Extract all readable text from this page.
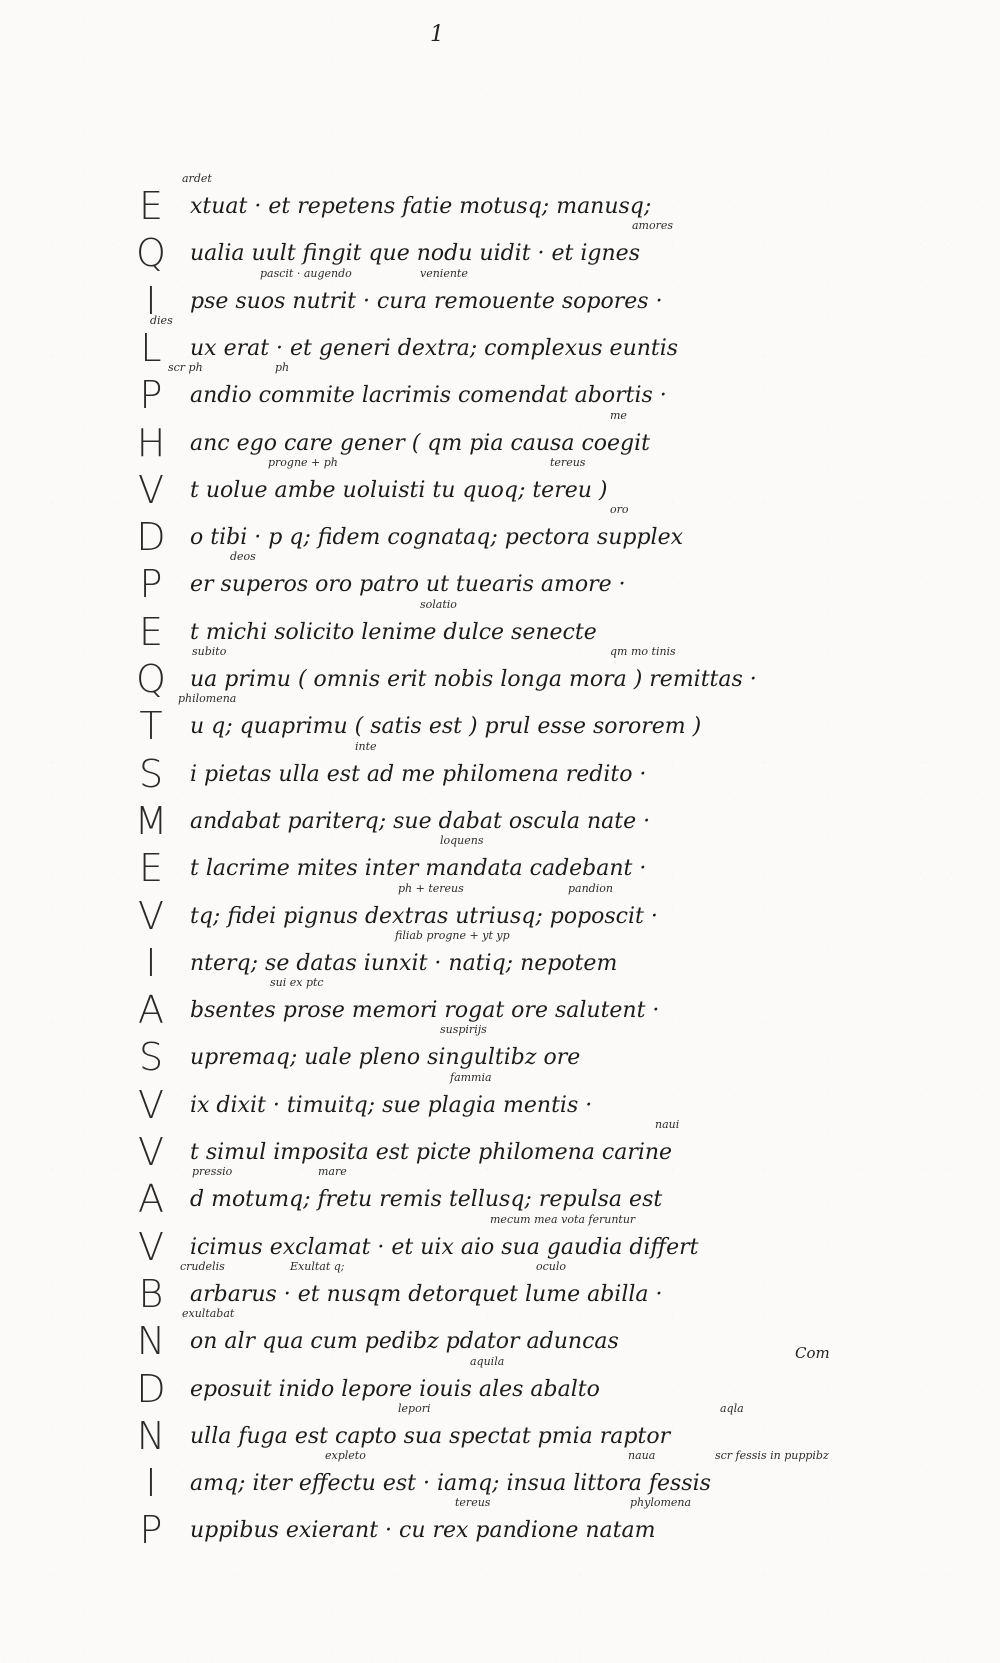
1
E	xtuat · et repetens fatie motusq; manusq;
ardet
Q	ualia uult fingit que nodu uidit · et ignes
amores
I	pse suos nutrit · cura remouente sopores ·
pascit · augendo	veniente
L	ux erat · et generi dextra; complexus euntis
dies
P	andio commite lacrimis comendat abortis ·
scr ph	ph
H	anc ego care gener ( qm pia causa coegit
me
V	t uolue ambe uoluisti tu quoq; tereu )
progne + ph	tereus
D	o tibi · p q; fidem cognataq; pectora supplex
oro
P	er superos oro patro ut tuearis amore ·
deos
E	t michi solicito lenime dulce senecte
solatio
Q	ua primu ( omnis erit nobis longa mora ) remittas ·
subito	qm mo tinis
T	u q; quaprimu ( satis est ) prul esse sororem )
philomena
S	i pietas ulla est ad me philomena redito ·
inte
M	andabat pariterq; sue dabat oscula nate ·
E	t lacrime mites inter mandata cadebant ·
loquens
V	tq; fidei pignus dextras utriusq; poposcit ·
ph + tereus	pandion
I	nterq; se datas iunxit · natiq; nepotem
filiab progne + yt yp
A	bsentes prose memori rogat ore salutent ·
sui ex ptc
S	upremaq; uale pleno singultibz ore
suspirijs
V	ix dixit · timuitq; sue plagia mentis ·
fammia
V	t simul imposita est picte philomena carine
naui
A	d motumq; fretu remis tellusq; repulsa est
pressio	mare
V	icimus exclamat · et uix aio sua gaudia differt
mecum mea vota feruntur
B	arbarus · et nusqm detorquet lume abilla ·
crudelis	Exultat q;	oculo
N	on alr qua cum pedibz pdator aduncas
exultabat
D	eposuit inido lepore iouis ales abalto
aquila
N	ulla fuga est capto sua spectat pmia raptor
lepori	aqla
I	amq; iter effectu est · iamq; insua littora fessis
expleto	naua	scr fessis in puppibz
P	uppibus exierant · cu rex pandione natam
tereus	phylomena
Com
